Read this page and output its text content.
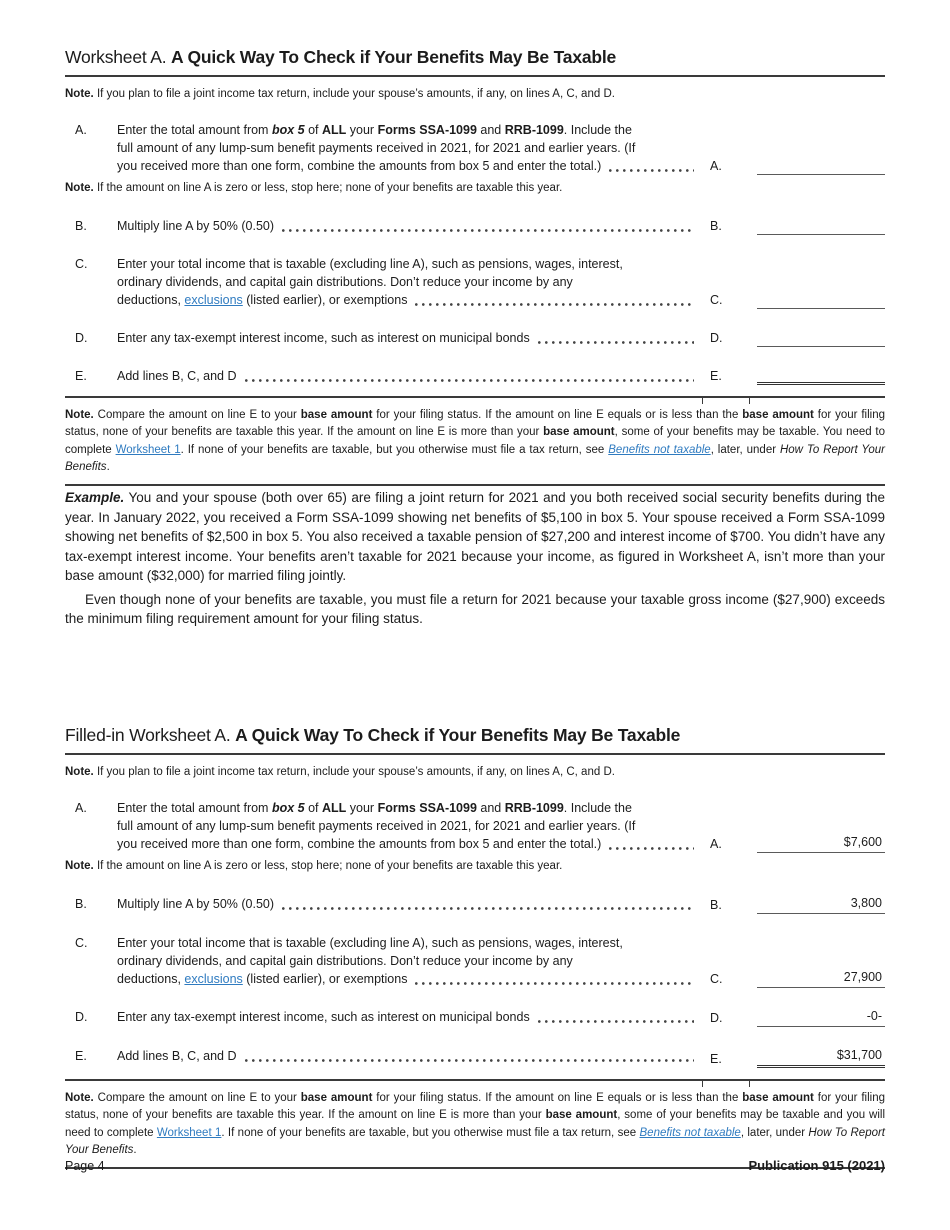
Worksheet A. A Quick Way To Check if Your Benefits May Be Taxable

Note. If you plan to file a joint income tax return, include your spouse’s amounts, if any, on lines A, C, and D.

A.	Enter the total amount from box 5 of ALL your Forms SSA-1099 and RRB-1099. Include the
full amount of any lump-sum benefit payments received in 2021, for 2021 and earlier years. (If
you received more than one form, combine the amounts from box 5 and enter the total.)	A.

Note. If the amount on line A is zero or less, stop here; none of your benefits are taxable this year.

B.	Multiply line A by 50% (0.50)	B.
C.	Enter your total income that is taxable (excluding line A), such as pensions, wages, interest,
ordinary dividends, and capital gain distributions. Don’t reduce your income by any
deductions, exclusions (listed earlier), or exemptions	C.
D.	Enter any tax-exempt interest income, such as interest on municipal bonds	D.
E.	Add lines B, C, and D	E.

Note. Compare the amount on line E to your base amount for your filing status. If the amount on line E equals or is less than the base amount for your filing status, none of your benefits are taxable this year. If the amount on line E is more than your base amount, some of your benefits may be taxable. You need to complete Worksheet 1. If none of your benefits are taxable, but you otherwise must file a tax return, see Benefits not taxable, later, under How To Report Your Benefits.

Example. You and your spouse (both over 65) are filing a joint return for 2021 and you both received social security benefits during the year. In January 2022, you received a Form SSA-1099 showing net benefits of $5,100 in box 5. Your spouse received a Form SSA-1099 showing net benefits of $2,500 in box 5. You also received a taxable pension of $27,200 and interest income of $700. You didn’t have any tax-exempt interest income. Your benefits aren’t taxable for 2021 because your income, as figured in Worksheet A, isn’t more than your base amount ($32,000) for married filing jointly.

Even though none of your benefits are taxable, you must file a return for 2021 because your taxable gross income ($27,900) exceeds the minimum filing requirement amount for your filing status.

Filled-in Worksheet A. A Quick Way To Check if Your Benefits May Be Taxable

Note. If you plan to file a joint income tax return, include your spouse’s amounts, if any, on lines A, C, and D.

A.	Enter the total amount from box 5 of ALL your Forms SSA-1099 and RRB-1099. Include the
full amount of any lump-sum benefit payments received in 2021, for 2021 and earlier years. (If
you received more than one form, combine the amounts from box 5 and enter the total.)	A.	$7,600

Note. If the amount on line A is zero or less, stop here; none of your benefits are taxable this year.

B.	Multiply line A by 50% (0.50)	B.	3,800
C.	Enter your total income that is taxable (excluding line A), such as pensions, wages, interest,
ordinary dividends, and capital gain distributions. Don’t reduce your income by any
deductions, exclusions (listed earlier), or exemptions	C.	27,900
D.	Enter any tax-exempt interest income, such as interest on municipal bonds	D.	-0-
E.	Add lines B, C, and D	E.	$31,700

Note. Compare the amount on line E to your base amount for your filing status. If the amount on line E equals or is less than the base amount for your filing status, none of your benefits are taxable this year. If the amount on line E is more than your base amount, some of your benefits may be taxable and you will need to complete Worksheet 1. If none of your benefits are taxable, but you otherwise must file a tax return, see Benefits not taxable, later, under How To Report Your Benefits.

Page 4	Publication 915 (2021)
